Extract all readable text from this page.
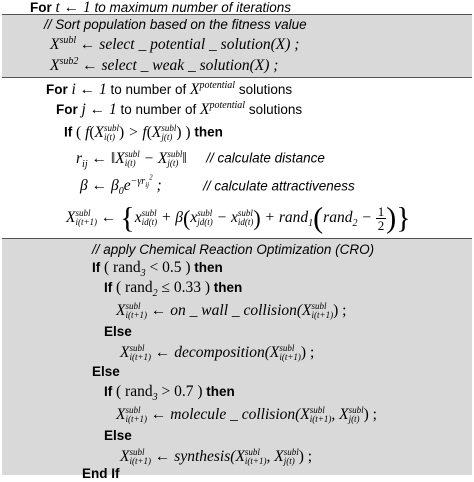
For t ← 1 to maximum number of iterations
// Sort population based on the fitness value
$X^{subl}$ ← select _ potential _ solution(X) ;
$X^{sub2}$ ← select _ weak _ solution(X) ;
For i ← 1 to number of $X^{potential}$ solutions
For j ← 1 to number of $X^{potential}$ solutions
If ( f(X subl
i(t) ) > f(X subl
j(t) ) ) then
$r_{ij}$ ← ‖X subl
i(t) − X subl
j(t) ‖ // calculate distance
β ← $\beta_0e^{-\gamma r_{ij}^2}$ ;	// calculate attractiveness
X subl
i(t+1) ← {x subl
id(t) + β(x subl
jd(t) − x subl
id(t) ) + rand$_1$(rand$_2$ − $\frac{1}{2}$ )}
// apply Chemical Reaction Optimization (CRO)
If ( rand$_3$ < 0.5 ) then
If ( rand$_2$ ≤ 0.33 ) then
X subl
i(t+1) ← on _ wall _ collision(X subl
i(t+1) ) ;
Else
X subl
i(t+1) ← decomposition(X subl
i(t+1) ) ;
Else
If ( rand$_3$ > 0.7 ) then
X subl
i(t+1) ← molecule _ collision(X subl
i(t+1) , X subl
j(t) ) ;
Else
X subl
i(t+1) ← synthesis(X subl
i(t+1) , X subl
j(t) ) ;
End If
